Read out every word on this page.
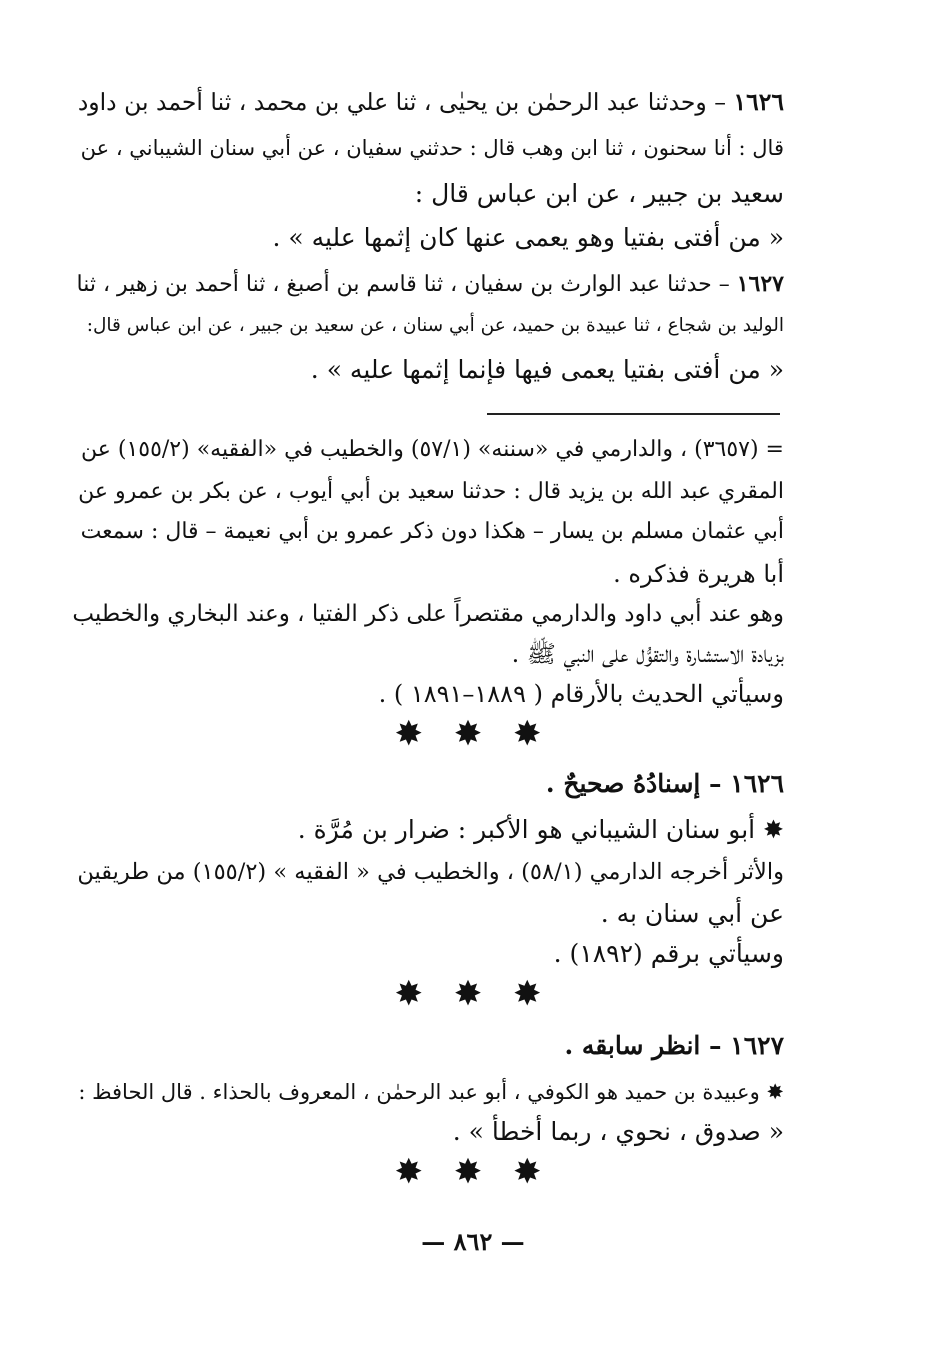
١٦٢٦ – وحدثنا عبد الرحمٰن بن يحيٰى ، ثنا علي بن محمد ، ثنا أحمد بن داود
قال : أنا سحنون ، ثنا ابن وهب قال : حدثني سفيان ، عن أبي سنان الشيباني ، عن
سعيد بن جبير ، عن ابن عباس قال :
« من أفتى بفتيا وهو يعمى عنها كان إثمها عليه » .
١٦٢٧ – حدثنا عبد الوارث بن سفيان ، ثنا قاسم بن أصبغ ، ثنا أحمد بن زهير ، ثنا
الوليد بن شجاع ، ثنا عبيدة بن حميد، عن أبي سنان ، عن سعيد بن جبير ، عن ابن عباس قال:
« من أفتى بفتيا يعمى فيها فإنما إثمها عليه » .
= (٣٦٥٧) ، والدارمي في «سننه» (٥٧/١) والخطيب في «الفقيه» (١٥٥/٢) عن
المقري عبد الله بن يزيد قال : حدثنا سعيد بن أبي أيوب ، عن بكر بن عمرو عن
أبي عثمان مسلم بن يسار – هكذا دون ذكر عمرو بن أبي نعيمة – قال : سمعت
أبا هريرة فذكره .
وهو عند أبي داود والدارمي مقتصراً على ذكر الفتيا ، وعند البخاري والخطيب
بزيادة الاستشارة والتقوُّل على النبي ﷺ .
وسيأتي الحديث بالأرقام ( ١٨٨٩–١٨٩١ ) .
✸ ✸ ✸
١٦٢٦ – إسنادُهُ صحيحٌ .
✸ أبو سنان الشيباني هو الأكبر : ضرار بن مُرَّة .
والأثر أخرجه الدارمي (٥٨/١) ، والخطيب في « الفقيه » (١٥٥/٢) من طريقين
عن أبي سنان به .
وسيأتي برقم (١٨٩٢) .
✸ ✸ ✸
١٦٢٧ – انظر سابقه .
✸ وعبيدة بن حميد هو الكوفي ، أبو عبد الرحمٰن ، المعروف بالحذاء . قال الحافظ :
« صدوق ، نحوي ، ربما أخطأ » .
✸ ✸ ✸
— ٨٦٢ —
